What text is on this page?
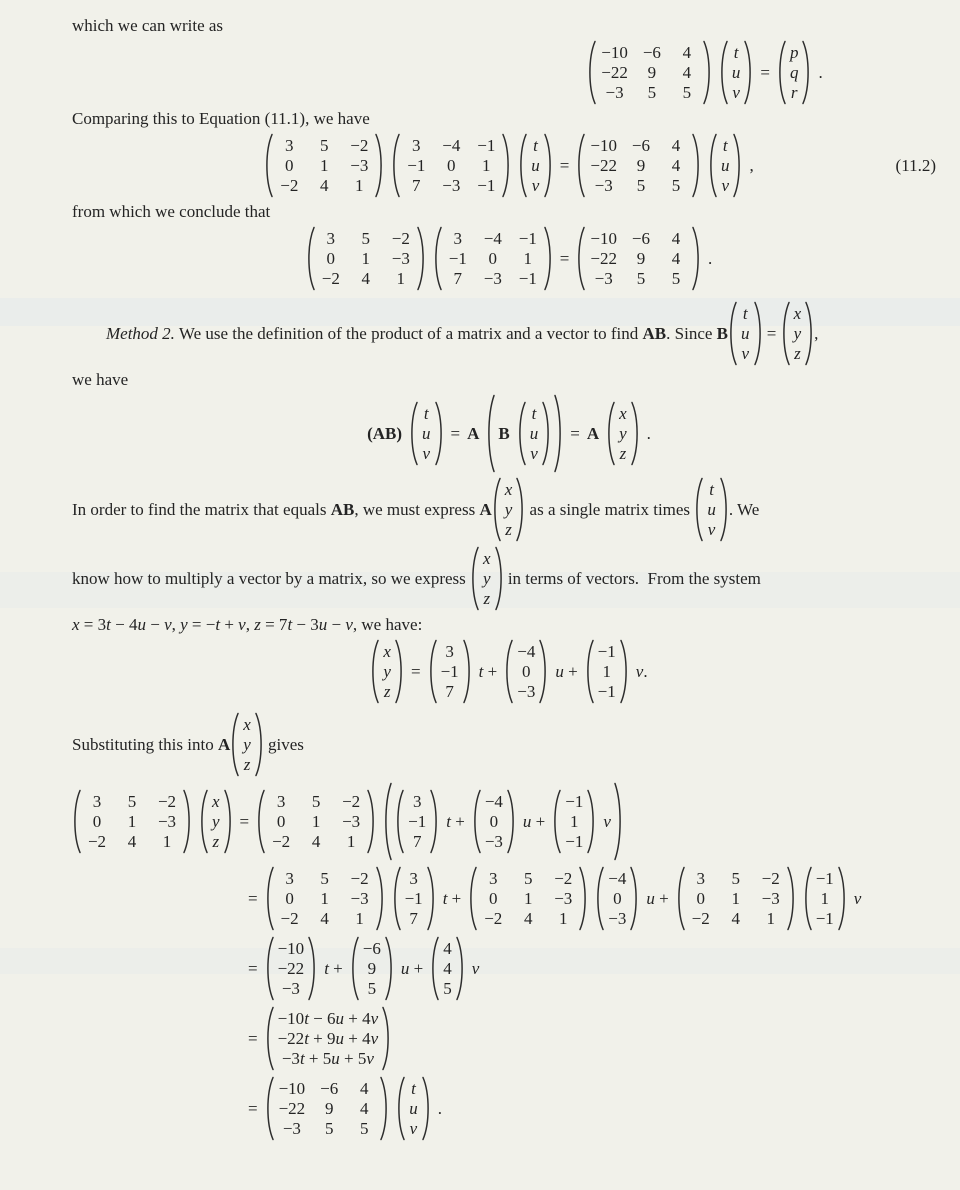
which we can write as
−10 −6	4
−22	9	4
−3	5	5
t
u
v
=
p
q
r
.
Comparing this to Equation (11.1), we have
3	5	−2
0	1	−3
−2	4	1
3	−4 −1
−1	0	1
7	−3 −1
t
u
v
=
−10 −6	4
−22	9	4
−3	5	5
t
u
v
,	(11.2)
from which we conclude that
3	5	−2
0	1	−3
−2	4	1
3	−4 −1
−1	0	1
7	−3 −1
=
−10 −6	4
−22	9	4
−3	5	5
.
Method 2. We use the definition of the product of a matrix and a vector to find AB . Since B
t
u
v
=
x
y
z
,
we have
(AB)
t
u
v
= A B
t
u
v
= A
x
y
z
.
In order to find the matrix that equals AB , we must express A
x
y
z
as a single matrix times
t
u
v
. We
know how to multiply a vector by a matrix, so we express
x
y
z
in terms of vectors.  From the system
x = 3t − 4u − v, y = −t + v, z = 7t − 3u − v , we have:
x
y
z
=
3
−1
7
t +
−4
0
−3
u +
−1
1
−1
v.
Substituting this into A
x
y
z
gives
3	5	−2
0	1	−3
−2	4	1
x
y
z
=
3	5	−2
0	1	−3
−2	4	1
3
−1
7
t +
−4
0
−3
u +
−1
1
−1
v
=
3	5	−2
0	1	−3
−2	4	1
3
−1
7
t +
3	5	−2
0	1	−3
−2	4	1
−4
0
−3
u +
3	5	−2
0	1	−3
−2	4	1
−1
1
−1
v
=
−10
−22
−3
t +
−6
9
5
u +
4
4
5
v
=
−10t − 6u + 4v
−22t + 9u + 4v
−3t + 5u + 5v
=
−10 −6	4
−22	9	4
−3	5	5
t
u
v
.
